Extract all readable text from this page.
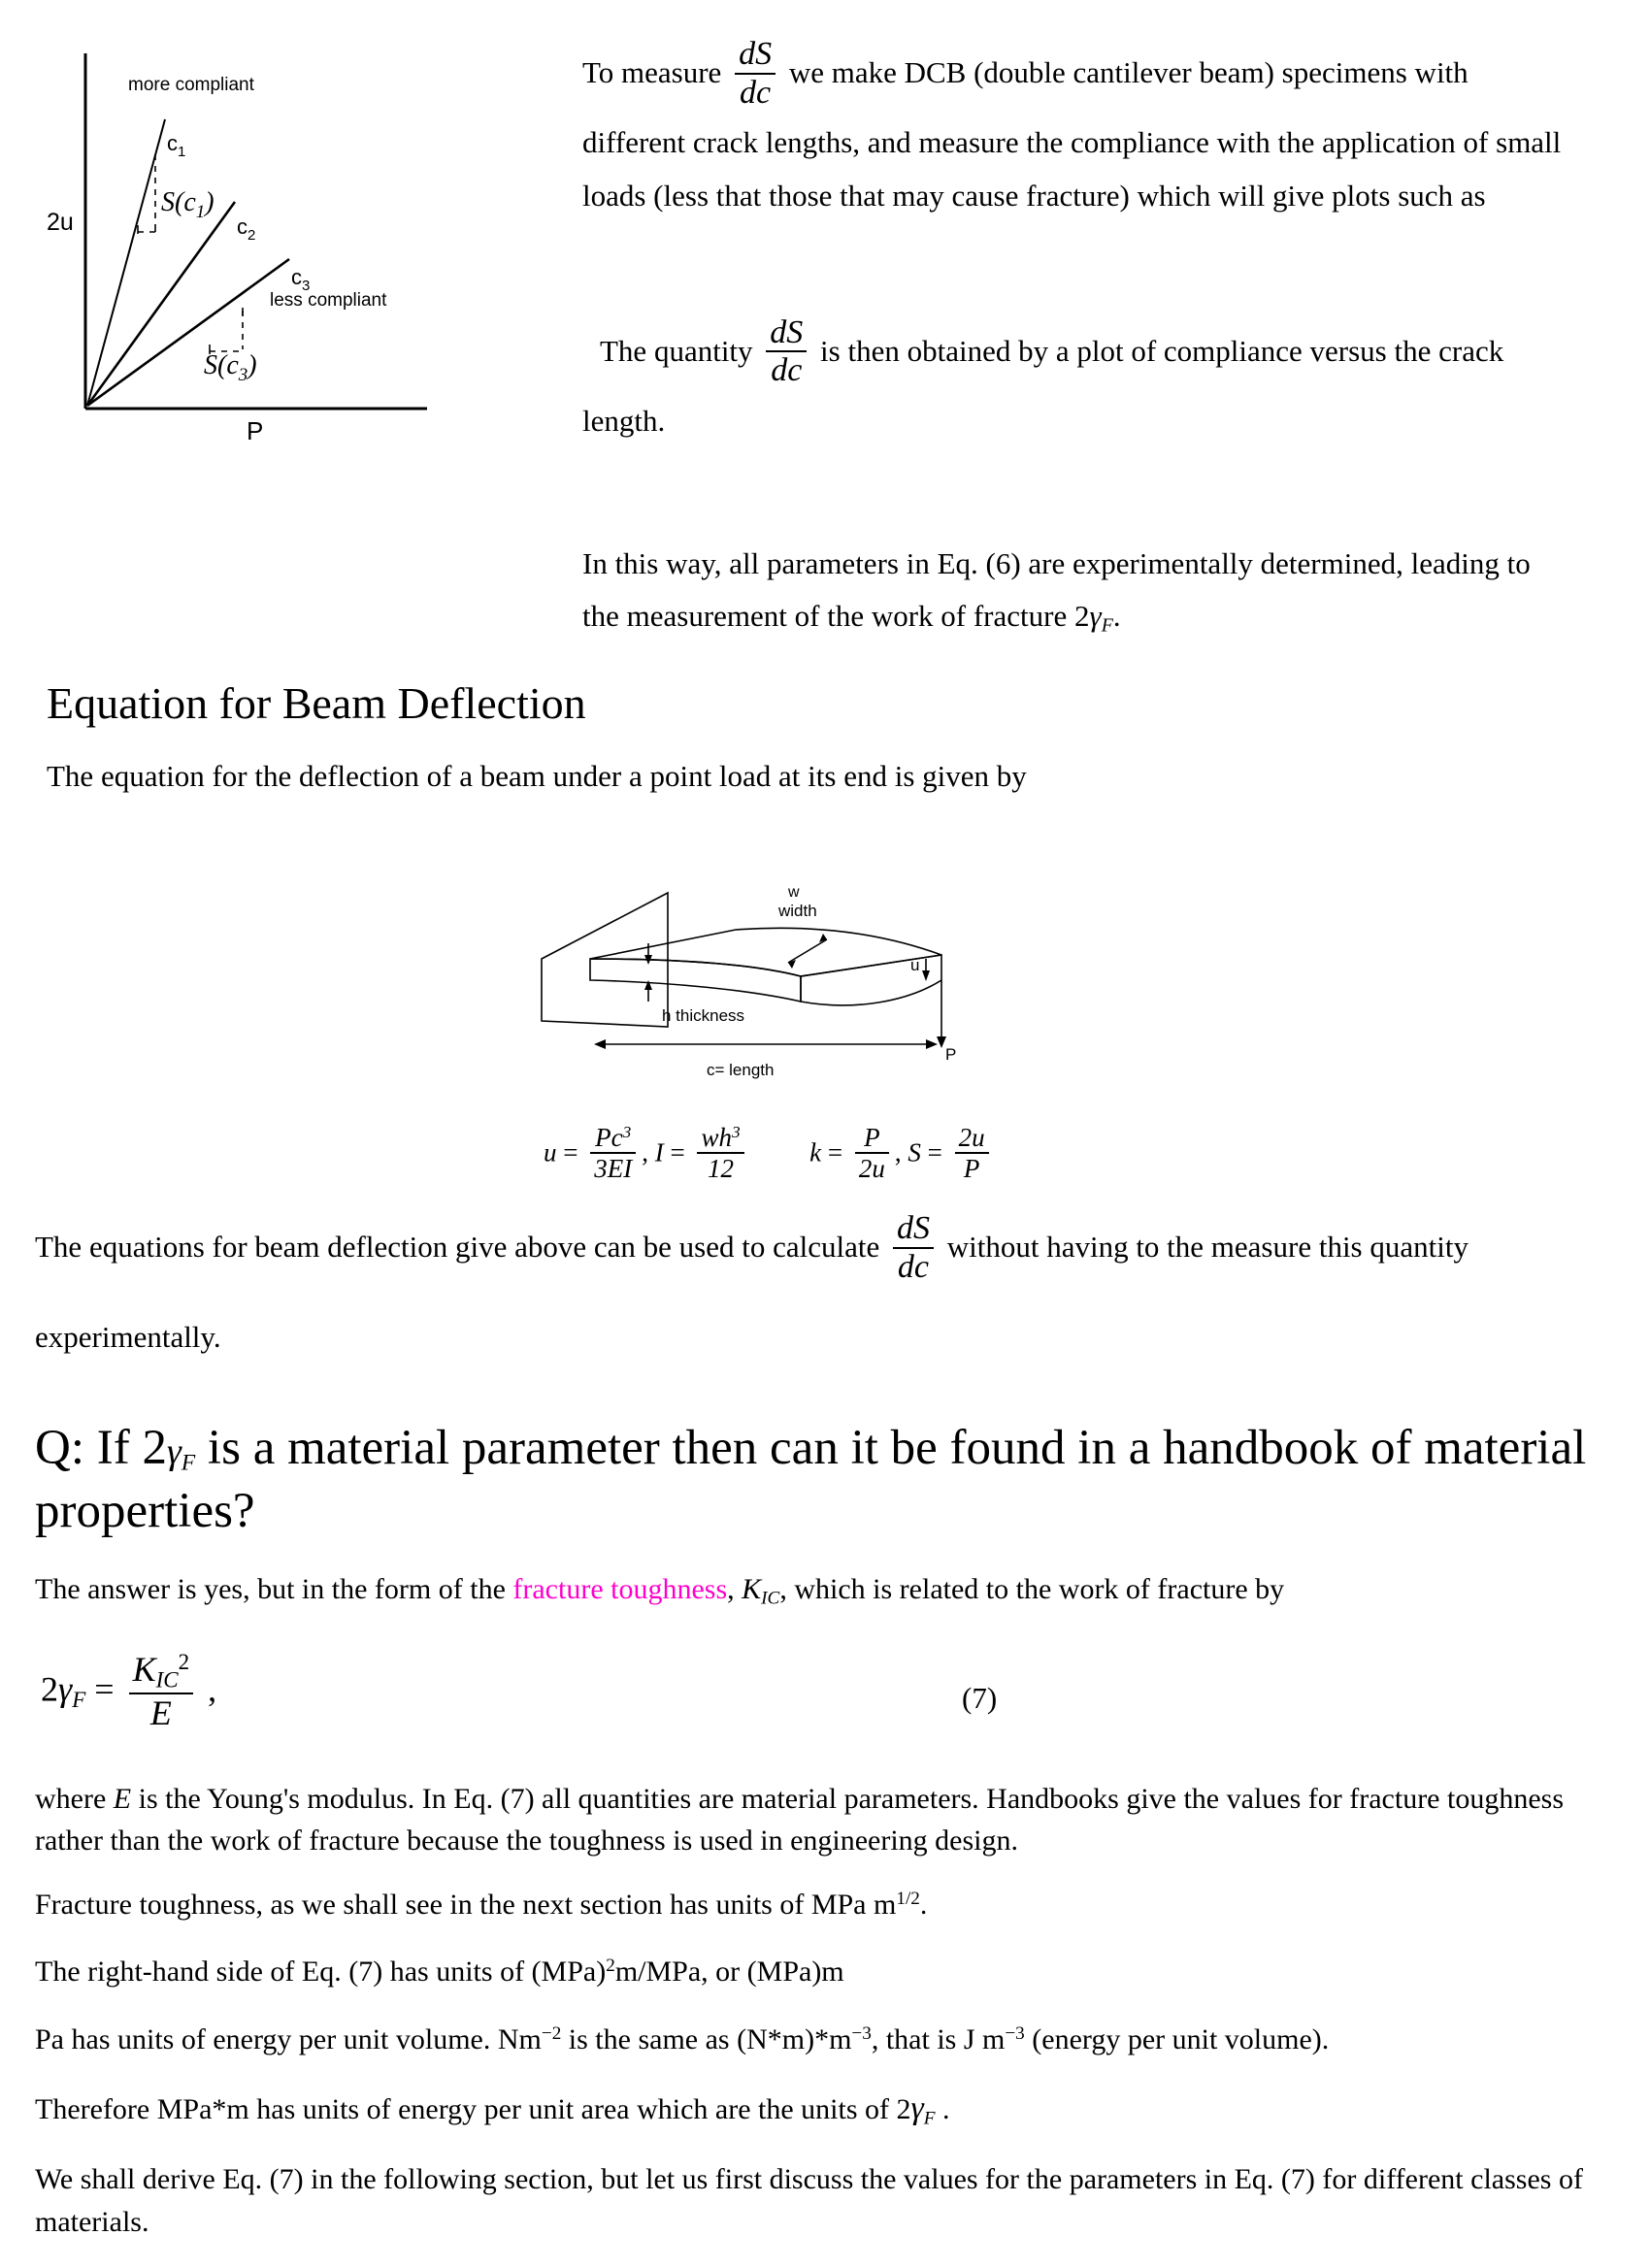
2u
P
more compliant
less compliant
$c_1$
$c_2$
$c_3$
$S(c_1)$
$S(c_3)$

To measure $\frac{dS}{dc}$ we make DCB (double cantilever beam) specimens with

different crack lengths, and measure the compliance with the application of small

loads (less that those that may cause fracture) which will give plots such as

The quantity $\frac{dS}{dc}$ is then obtained by a plot of compliance versus the crack

length.

In this way, all parameters in Eq. (6) are experimentally determined, leading to

the measurement of the work of fracture $2\gamma_F$.

Equation for Beam Deflection

The equation for the deflection of a beam under a point load at its end is given by

w
width
u
h thickness
c= length
P
$u = \frac{Pc^3}{3EI}$ , $I = \frac{wh^3}{12}$	$k = \frac{P}{2u}$ , $S = \frac{2u}{P}$
The equations for beam deflection give above can be used to calculate $\frac{dS}{dc}$ without having to the measure this quantity
experimentally.
Q: If $2\gamma_F$ is a material parameter then can it be found in a handbook of material properties?

The answer is yes, but in the form of the fracture toughness, $K_{IC}$, which is related to the work of fracture by

$2\gamma_F = \frac{K_{IC}^2}{E}$ ,	(7)

where E is the Young's modulus. In Eq. (7) all quantities are material parameters. Handbooks give the values for fracture toughness rather than the work of fracture because the toughness is used in engineering design.

Fracture toughness, as we shall see in the next section has units of MPa $m^{1/2}$.

The right-hand side of Eq. (7) has units of (MPa)$^2$m/MPa, or (MPa)m

Pa has units of energy per unit volume. $Nm^{-2}$ is the same as $(N*m)*m^{-3}$, that is J $m^{-3}$ (energy per unit volume).

Therefore MPa*m has units of energy per unit area which are the units of $2\gamma_F$ .

We shall derive Eq. (7) in the following section, but let us first discuss the values for the parameters in Eq. (7) for different classes of materials.
